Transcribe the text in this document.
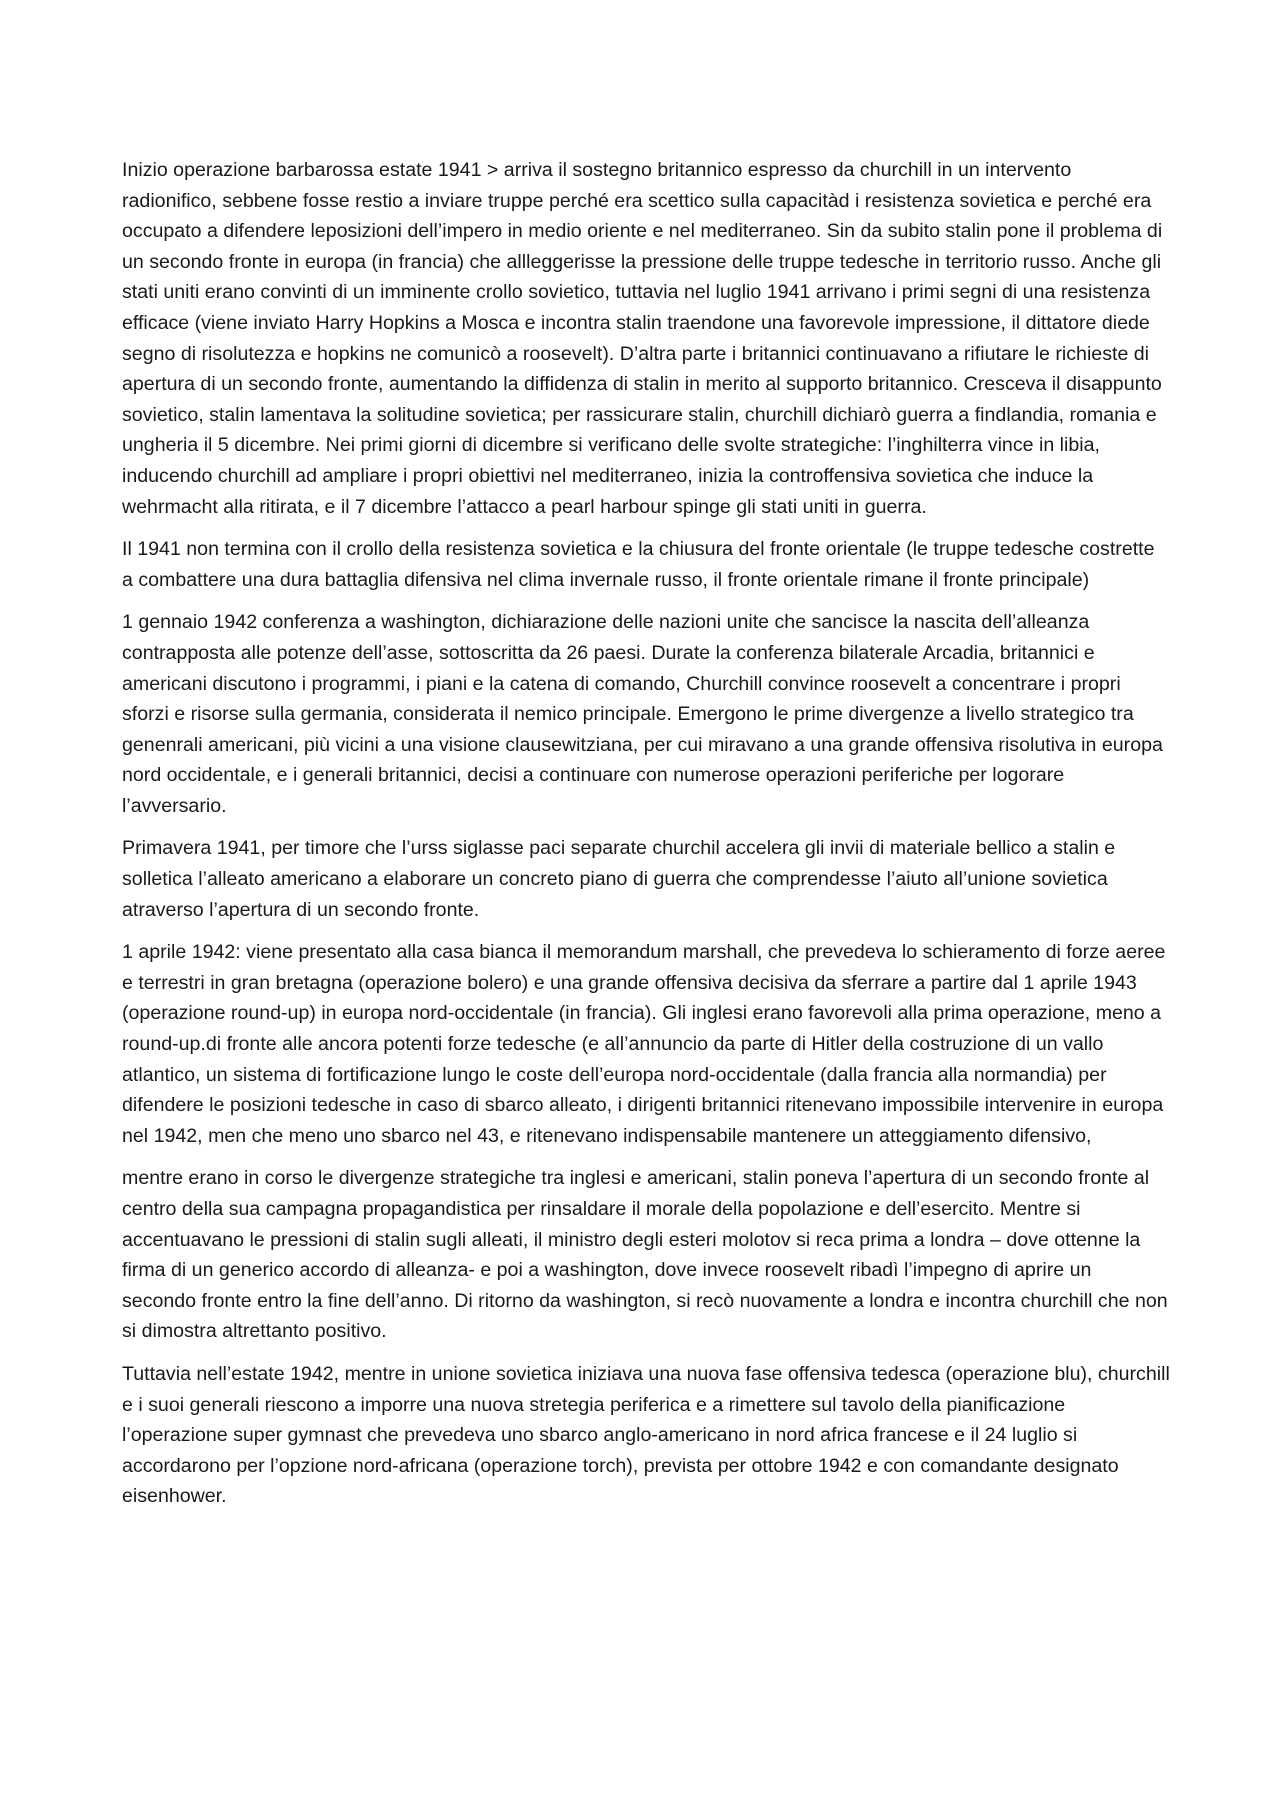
Inizio operazione barbarossa estate 1941 > arriva il sostegno britannico espresso da churchill in un intervento radionifico, sebbene fosse restio a inviare truppe perché era scettico sulla capacitàd i resistenza sovietica e perché era occupato a difendere leposizioni dell’impero in medio oriente e nel mediterraneo. Sin da subito stalin pone il problema di un secondo fronte in europa (in francia) che allleggerisse la pressione delle truppe tedesche in territorio russo. Anche gli stati uniti erano convinti di un imminente crollo sovietico, tuttavia nel luglio 1941 arrivano i primi segni di una resistenza efficace (viene inviato Harry Hopkins a Mosca e incontra stalin traendone una favorevole impressione, il dittatore diede segno di risolutezza e hopkins ne comunicò a roosevelt). D’altra parte i britannici continuavano a rifiutare le richieste di apertura di un secondo fronte, aumentando la diffidenza di stalin in merito al supporto britannico. Cresceva il disappunto sovietico, stalin lamentava la solitudine sovietica; per rassicurare stalin, churchill dichiarò guerra a findlandia, romania e ungheria il 5 dicembre. Nei primi giorni di dicembre si verificano delle svolte strategiche: l’inghilterra vince in libia, inducendo churchill ad ampliare i propri obiettivi nel mediterraneo, inizia la controffensiva sovietica che induce la wehrmacht alla ritirata, e il 7 dicembre l’attacco a pearl harbour spinge gli stati uniti in guerra.

Il 1941 non termina con il crollo della resistenza sovietica e la chiusura del fronte orientale (le truppe tedesche costrette a combattere una dura battaglia difensiva nel clima invernale russo, il fronte orientale rimane il fronte principale)

1 gennaio 1942 conferenza a washington, dichiarazione delle nazioni unite che sancisce la nascita dell’alleanza contrapposta alle potenze dell’asse, sottoscritta da 26 paesi. Durate la conferenza bilaterale Arcadia, britannici e americani discutono i programmi, i piani e la catena di comando, Churchill convince roosevelt a concentrare i propri sforzi e risorse sulla germania, considerata il nemico principale. Emergono le prime divergenze a livello strategico tra genenrali americani, più vicini a una visione clausewitziana, per cui miravano a una grande offensiva risolutiva in europa nord occidentale, e i generali britannici, decisi a continuare con numerose operazioni periferiche per logorare l’avversario.

Primavera 1941, per timore che l’urss siglasse paci separate churchil accelera gli invii di materiale bellico a stalin e solletica l’alleato americano a elaborare un concreto piano di guerra che comprendesse l’aiuto all’unione sovietica atraverso l’apertura di un secondo fronte.

1 aprile 1942: viene presentato alla casa bianca il memorandum marshall, che prevedeva lo schieramento di forze aeree e terrestri in gran bretagna (operazione bolero) e una grande offensiva decisiva da sferrare a partire dal 1 aprile 1943 (operazione round-up) in europa nord-occidentale (in francia). Gli inglesi erano favorevoli alla prima operazione, meno a round-up.di fronte alle ancora potenti forze tedesche (e all’annuncio da parte di Hitler della costruzione di un vallo atlantico, un sistema di fortificazione lungo le coste dell’europa nord-occidentale (dalla francia alla normandia) per difendere le posizioni tedesche in caso di sbarco alleato, i dirigenti britannici ritenevano impossibile intervenire in europa nel 1942, men che meno uno sbarco nel 43, e ritenevano indispensabile mantenere un atteggiamento difensivo,

mentre erano in corso le divergenze strategiche tra inglesi e americani, stalin poneva l’apertura di un secondo fronte al centro della sua campagna propagandistica per rinsaldare il morale della popolazione e dell’esercito. Mentre si accentuavano le pressioni di stalin sugli alleati, il ministro degli esteri molotov si reca prima a londra – dove ottenne la firma di un generico accordo di alleanza- e poi a washington, dove invece roosevelt ribadì l’impegno di aprire un secondo fronte entro la fine dell’anno. Di ritorno da washington, si recò nuovamente a londra e incontra churchill che non si dimostra altrettanto positivo.

Tuttavia nell’estate 1942, mentre in unione sovietica iniziava una nuova fase offensiva tedesca (operazione blu), churchill e i suoi generali riescono a imporre una nuova stretegia periferica e a rimettere sul tavolo della pianificazione l’operazione super gymnast che prevedeva uno sbarco anglo-americano in nord africa francese e il 24 luglio si accordarono per l’opzione nord-africana (operazione torch), prevista per ottobre 1942 e con comandante designato eisenhower.
